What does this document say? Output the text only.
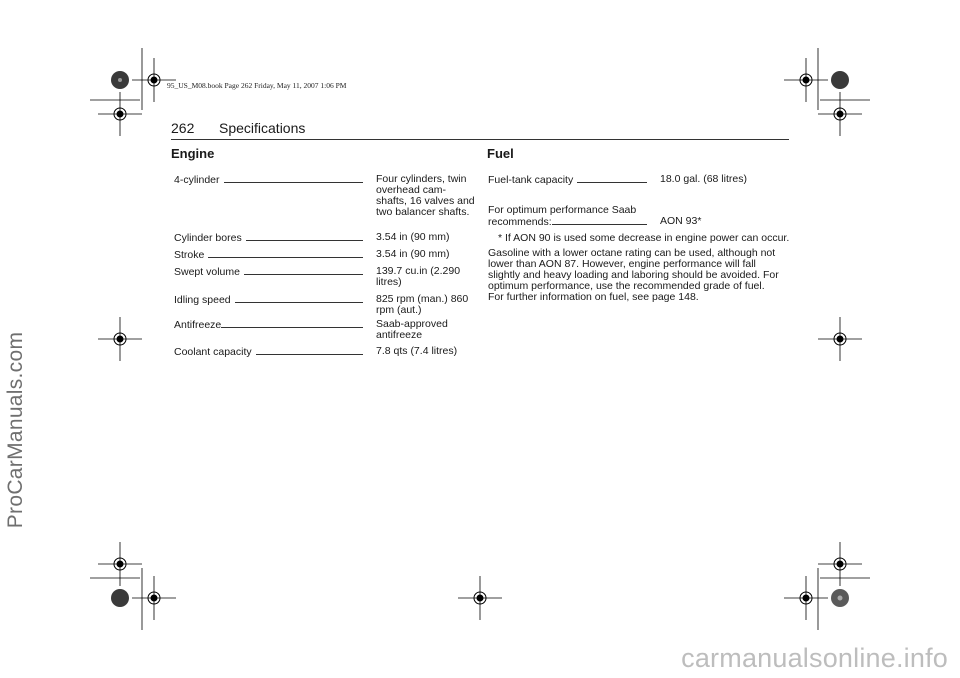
ProCarManuals.com
carmanualsonline.info
95_US_M08.book Page 262 Friday, May 11, 2007 1:06 PM
262 Specifications
Engine
4-cylinder	Four cylinders, twin overhead cam-shafts, 16 valves and two balancer shafts.
Cylinder bores	3.54 in (90 mm)
Stroke	3.54 in (90 mm)
Swept volume	139.7 cu.in (2.290 litres)
Idling speed	825 rpm (man.) 860 rpm (aut.)
Antifreeze	Saab-approved antifreeze
Coolant capacity	7.8 qts (7.4 litres)
Fuel
Fuel-tank capacity	18.0 gal. (68 litres)
For optimum performance Saab
recommends:	AON 93*
* If AON 90 is used some decrease in engine power can occur.

Gasoline with a lower octane rating can be used, although not lower than AON 87. However, engine performance will fall slightly and heavy loading and laboring should be avoided. For optimum performance, use the recommended grade of fuel.

For further information on fuel, see page 148.
